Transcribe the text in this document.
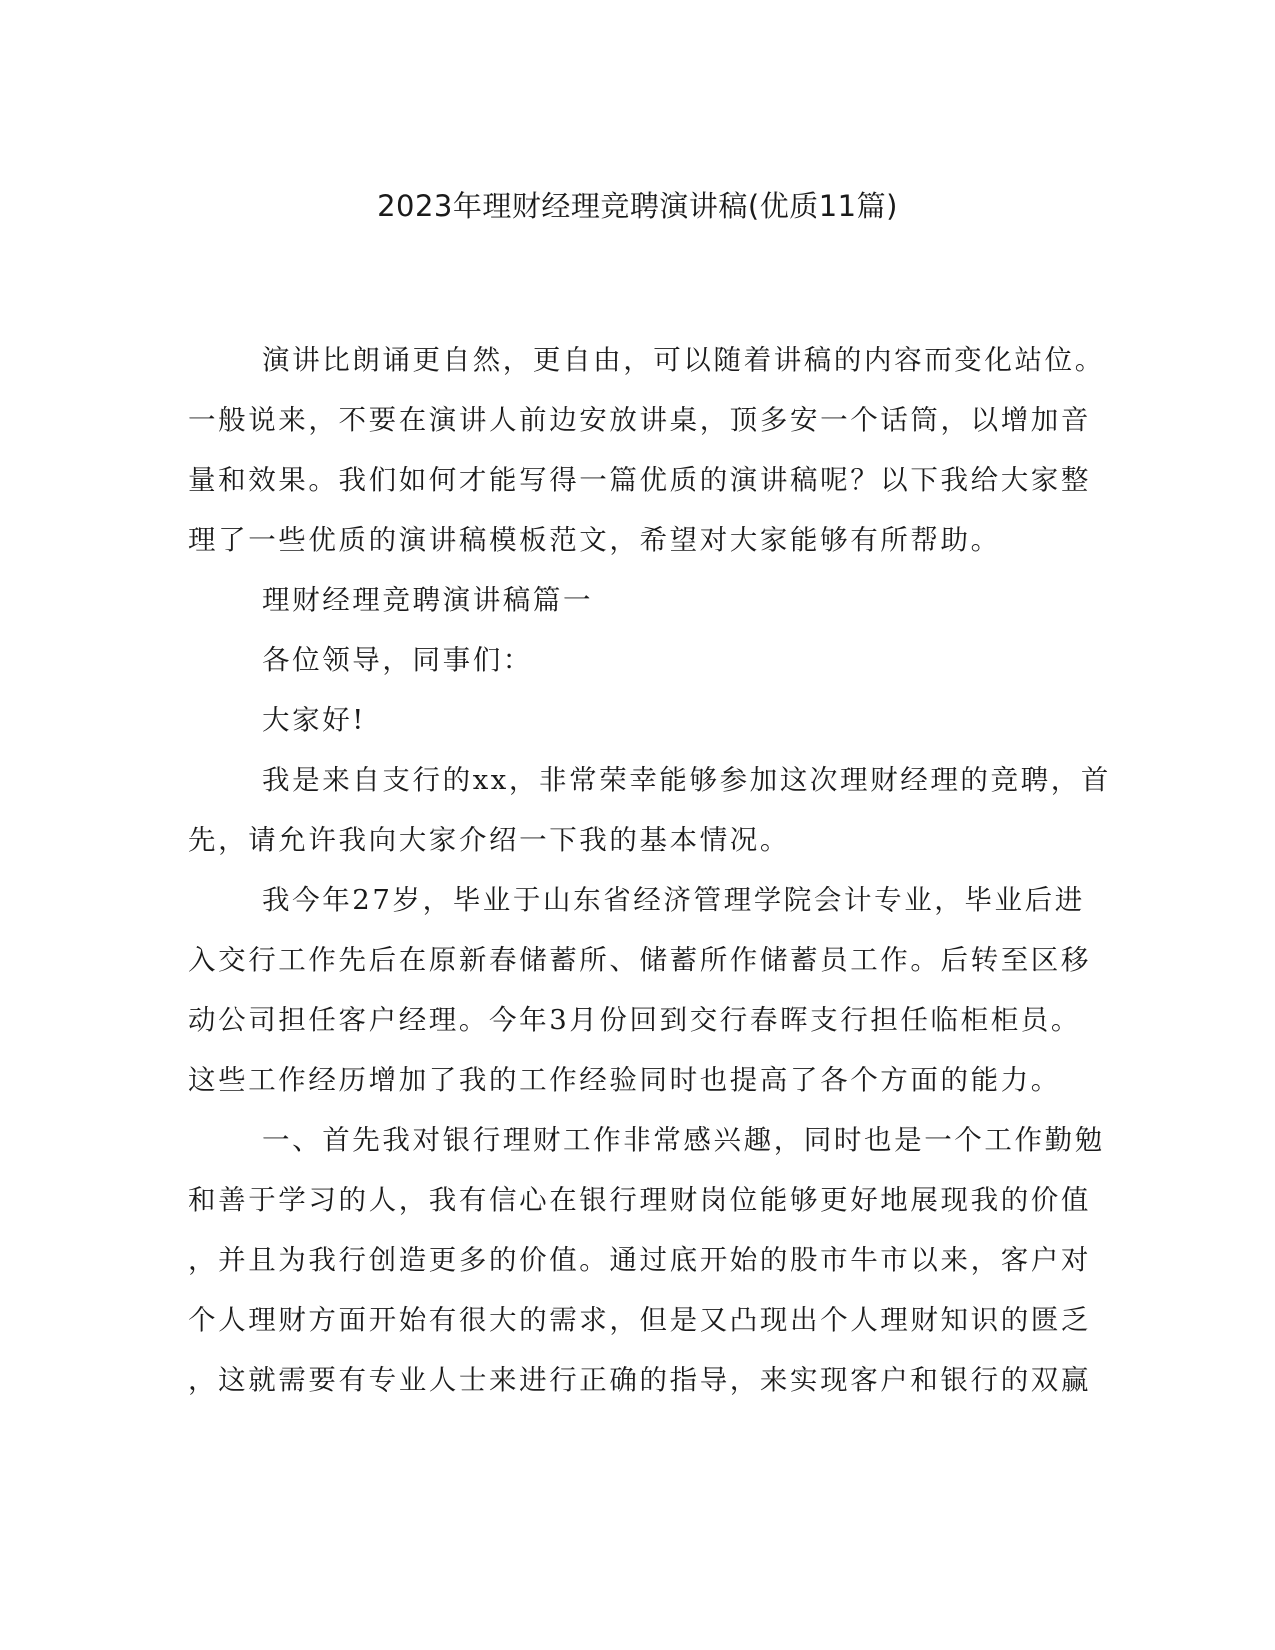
2023年理财经理竞聘演讲稿(优质11篇)
演讲比朗诵更自然，更自由，可以随着讲稿的内容而变化站位。
一般说来，不要在演讲人前边安放讲桌，顶多安一个话筒，以增加音
量和效果。我们如何才能写得一篇优质的演讲稿呢？以下我给大家整
理了一些优质的演讲稿模板范文，希望对大家能够有所帮助。
理财经理竞聘演讲稿篇一
各位领导，同事们：
大家好!
我是来自支行的xx，非常荣幸能够参加这次理财经理的竞聘，首
先，请允许我向大家介绍一下我的基本情况。
我今年27岁，毕业于山东省经济管理学院会计专业，毕业后进
入交行工作先后在原新春储蓄所、储蓄所作储蓄员工作。后转至区移
动公司担任客户经理。今年3月份回到交行春晖支行担任临柜柜员。
这些工作经历增加了我的工作经验同时也提高了各个方面的能力。
一、首先我对银行理财工作非常感兴趣，同时也是一个工作勤勉
和善于学习的人，我有信心在银行理财岗位能够更好地展现我的价值
，并且为我行创造更多的价值。通过底开始的股市牛市以来，客户对
个人理财方面开始有很大的需求，但是又凸现出个人理财知识的匮乏
，这就需要有专业人士来进行正确的指导，来实现客户和银行的双赢
